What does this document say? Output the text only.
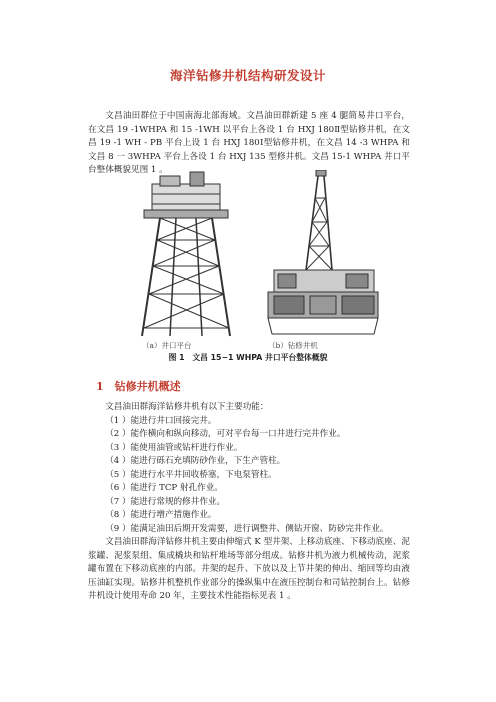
海洋钻修井机结构研发设计

文昌油田群位于中国南海北部海域。文昌油田群新建 5 座 4 腿简易井口平台，在文昌 19 -1WHPA 和 15 -1WH 以平台上各设 1 台 HXJ 180Ⅱ型钻修井机，在文昌 19 -1 WH - PB 平台上设 1 台 HXJ 180Ⅰ型钻修井机，在文昌 14 -3 WHPA 和文昌 8 一 3WHPA 平台上各设 1 台 HXJ 135 型修井机。文昌 15-1 WHPA 井口平台整体概貌见图 1 。

（a）井口平台	（b）钻修井机
图 1　文昌 15−1 WHPA 井口平台整体概貌
1　钻修井机概述

文昌油田群海洋钻修井机有以下主要功能：

（1 ）能进行井口回接完井。

（2 ）能作横向和纵向移动，可对平台每一口井进行完井作业。

（3 ）能使用油管或钻杆进行作业。

（4 ）能进行砾石充填防砂作业，下生产管柱。

（5 ）能进行水平井回收桥塞，下电泵管柱。

（6 ）能进行 TCP 射孔作业。

（7 ）能进行常规的修井作业。

（8 ）能进行增产措施作业。

（9 ）能满足油田后期开发需要，进行调整井、侧钻开窗、防砂完井作业。

文昌油田群海洋钻修井机主要由伸缩式 K 型井架、上移动底座、下移动底座、泥浆罐、泥浆泵组、集成橇块和钻杆堆场等部分组成。钻修井机为液力机械传动，泥浆罐布置在下移动底座的内部。井架的起升、下放以及上节井架的伸出、缩回等均由液压油缸实现。钻修井机整机作业部分的操纵集中在液压控制台和司钻控制台上。钻修井机设计使用寿命 20 年，主要技术性能指标见表 1 。
